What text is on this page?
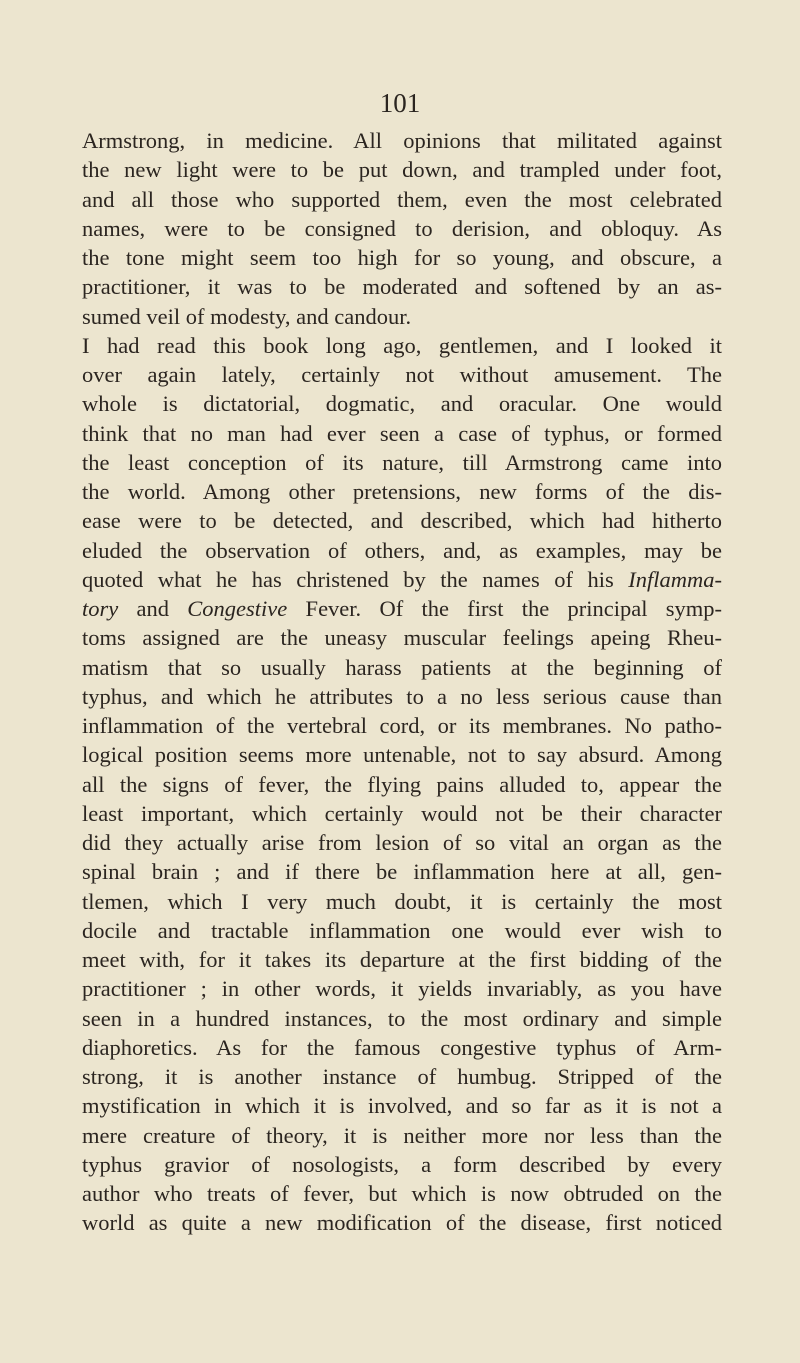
101
Armstrong, in medicine. All opinions that militated against
the new light were to be put down, and trampled under foot,
and all those who supported them, even the most celebrated
names, were to be consigned to derision, and obloquy. As
the tone might seem too high for so young, and obscure, a
practitioner, it was to be moderated and softened by an as-
sumed veil of modesty, and candour.
I had read this book long ago, gentlemen, and I looked it
over again lately, certainly not without amusement. The
whole is dictatorial, dogmatic, and oracular. One would
think that no man had ever seen a case of typhus, or formed
the least conception of its nature, till Armstrong came into
the world. Among other pretensions, new forms of the dis-
ease were to be detected, and described, which had hitherto
eluded the observation of others, and, as examples, may be
quoted what he has christened by the names of his Inflamma-
tory and Congestive Fever. Of the first the principal symp-
toms assigned are the uneasy muscular feelings apeing Rheu-
matism that so usually harass patients at the beginning of
typhus, and which he attributes to a no less serious cause than
inflammation of the vertebral cord, or its membranes. No patho-
logical position seems more untenable, not to say absurd. Among
all the signs of fever, the flying pains alluded to, appear the
least important, which certainly would not be their character
did they actually arise from lesion of so vital an organ as the
spinal brain ; and if there be inflammation here at all, gen-
tlemen, which I very much doubt, it is certainly the most
docile and tractable inflammation one would ever wish to
meet with, for it takes its departure at the first bidding of the
practitioner ; in other words, it yields invariably, as you have
seen in a hundred instances, to the most ordinary and simple
diaphoretics. As for the famous congestive typhus of Arm-
strong, it is another instance of humbug. Stripped of the
mystification in which it is involved, and so far as it is not a
mere creature of theory, it is neither more nor less than the
typhus gravior of nosologists, a form described by every
author who treats of fever, but which is now obtruded on the
world as quite a new modification of the disease, first noticed
